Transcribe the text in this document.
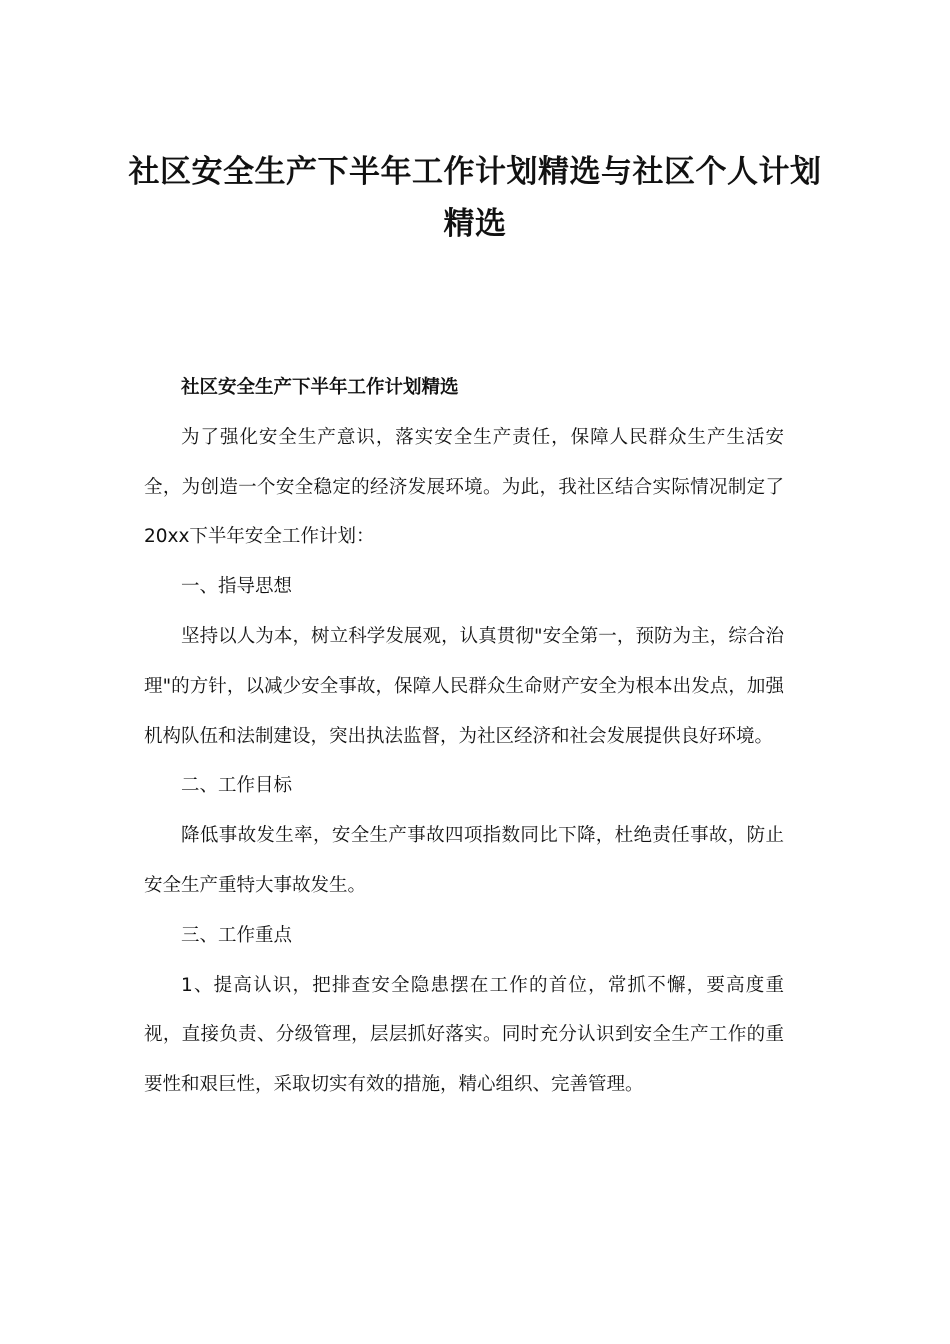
社区安全生产下半年工作计划精选与社区个人计划精选

社区安全生产下半年工作计划精选

为了强化安全生产意识，落实安全生产责任，保障人民群众生产生活安全，为创造一个安全稳定的经济发展环境。为此，我社区结合实际情况制定了20xx下半年安全工作计划：

一、指导思想

坚持以人为本，树立科学发展观，认真贯彻"安全第一，预防为主，综合治理"的方针，以减少安全事故，保障人民群众生命财产安全为根本出发点，加强机构队伍和法制建设，突出执法监督，为社区经济和社会发展提供良好环境。

二、工作目标

降低事故发生率，安全生产事故四项指数同比下降，杜绝责任事故，防止安全生产重特大事故发生。

三、工作重点

1、提高认识，把排查安全隐患摆在工作的首位，常抓不懈，要高度重视，直接负责、分级管理，层层抓好落实。同时充分认识到安全生产工作的重要性和艰巨性，采取切实有效的措施，精心组织、完善管理。
